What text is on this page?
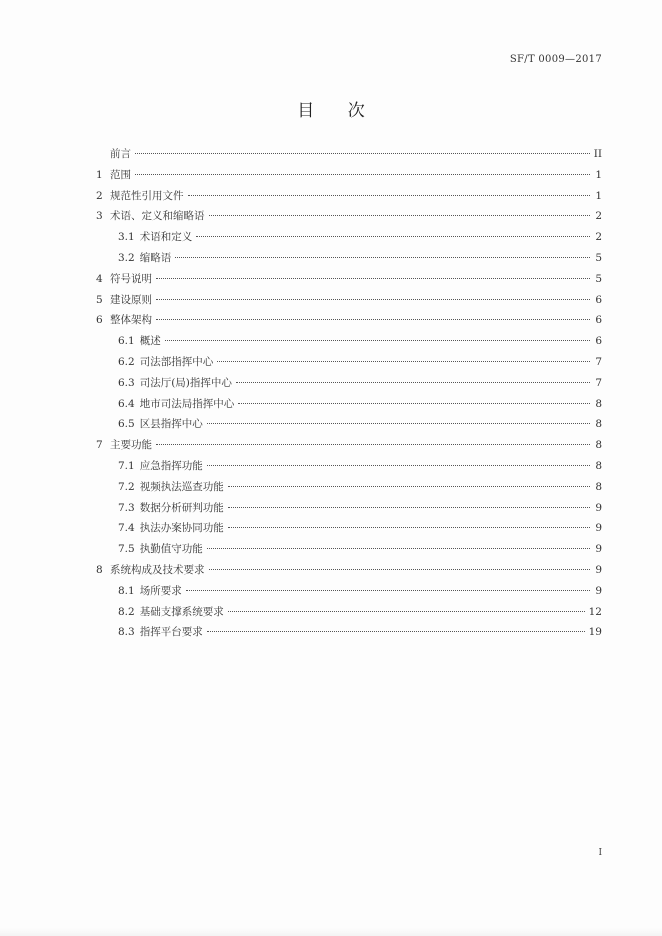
SF/T 0009—2017
目 次
前言	II
1 范围	1
2 规范性引用文件	1
3 术语、定义和缩略语	2
3.1 术语和定义	2
3.2 缩略语	5
4 符号说明	5
5 建设原则	6
6 整体架构	6
6.1 概述	6
6.2 司法部指挥中心	7
6.3 司法厅(局)指挥中心	7
6.4 地市司法局指挥中心	8
6.5 区县指挥中心	8
7 主要功能	8
7.1 应急指挥功能	8
7.2 视频执法巡查功能	8
7.3 数据分析研判功能	9
7.4 执法办案协同功能	9
7.5 执勤值守功能	9
8 系统构成及技术要求	9
8.1 场所要求	9
8.2 基础支撑系统要求	12
8.3 指挥平台要求	19
I
